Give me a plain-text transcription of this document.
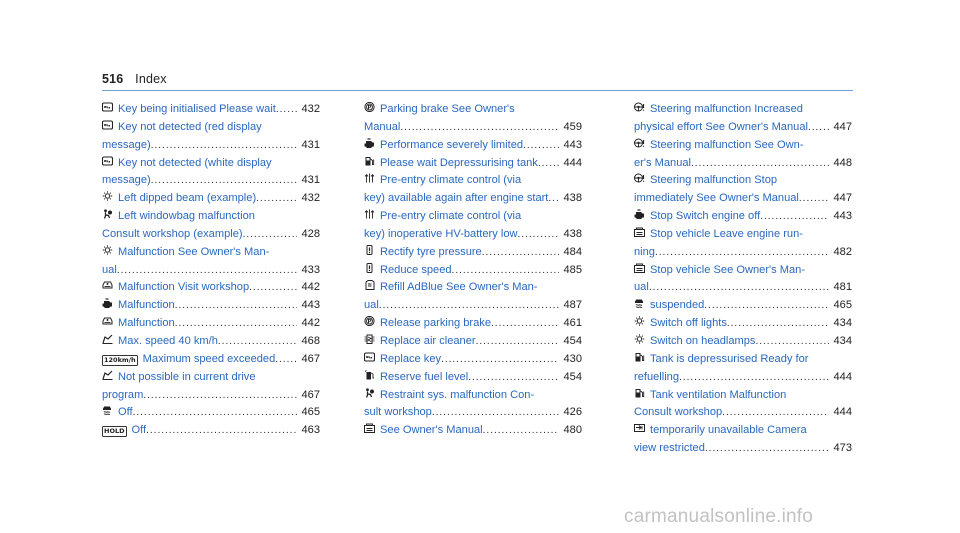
516 Index
Key being initialised Please wait .....	432
Key not detected (red display
message) .....	431
Key not detected (white display
message) .....	431
Left dipped beam (example) .....	432
Left windowbag malfunction
Consult workshop (example) .....	428
Malfunction See Owner's Man-
ual .....	433
Malfunction Visit workshop .....	442
Malfunction .....	443
Malfunction .....	442
Max. speed 40 km/h .....	468
120km/h Maximum speed exceeded .....	467
Not possible in current drive
program .....	467
Off .....	465
HOLD Off .....	463
P Parking brake See Owner's
Manual .....	459
Performance severely limited .....	443
Please wait Depressurising tank .....	444
Pre-entry climate control (via
key) available again after engine start .....	438
Pre-entry climate control (via
key) inoperative HV-battery low .....	438
Rectify tyre pressure .....	484
Reduce speed .....	485
Refill AdBlue See Owner's Man-
ual .....	487
P Release parking brake .....	461
Replace air cleaner .....	454
Replace key .....	430
Reserve fuel level .....	454
Restraint sys. malfunction Con-
sult workshop .....	426
See Owner's Manual .....	480
Steering malfunction Increased
physical effort See Owner's Manual .....	447
Steering malfunction See Own-
er's Manual .....	448
Steering malfunction Stop
immediately See Owner's Manual .....	447
Stop Switch engine off .....	443
Stop vehicle Leave engine run-
ning .....	482
Stop vehicle See Owner's Man-
ual .....	481
suspended .....	465
Switch off lights .....	434
Switch on headlamps .....	434
Tank is depressurised Ready for
refuelling .....	444
Tank ventilation Malfunction
Consult workshop .....	444
temporarily unavailable Camera
view restricted .....	473
carmanualsonline.info
